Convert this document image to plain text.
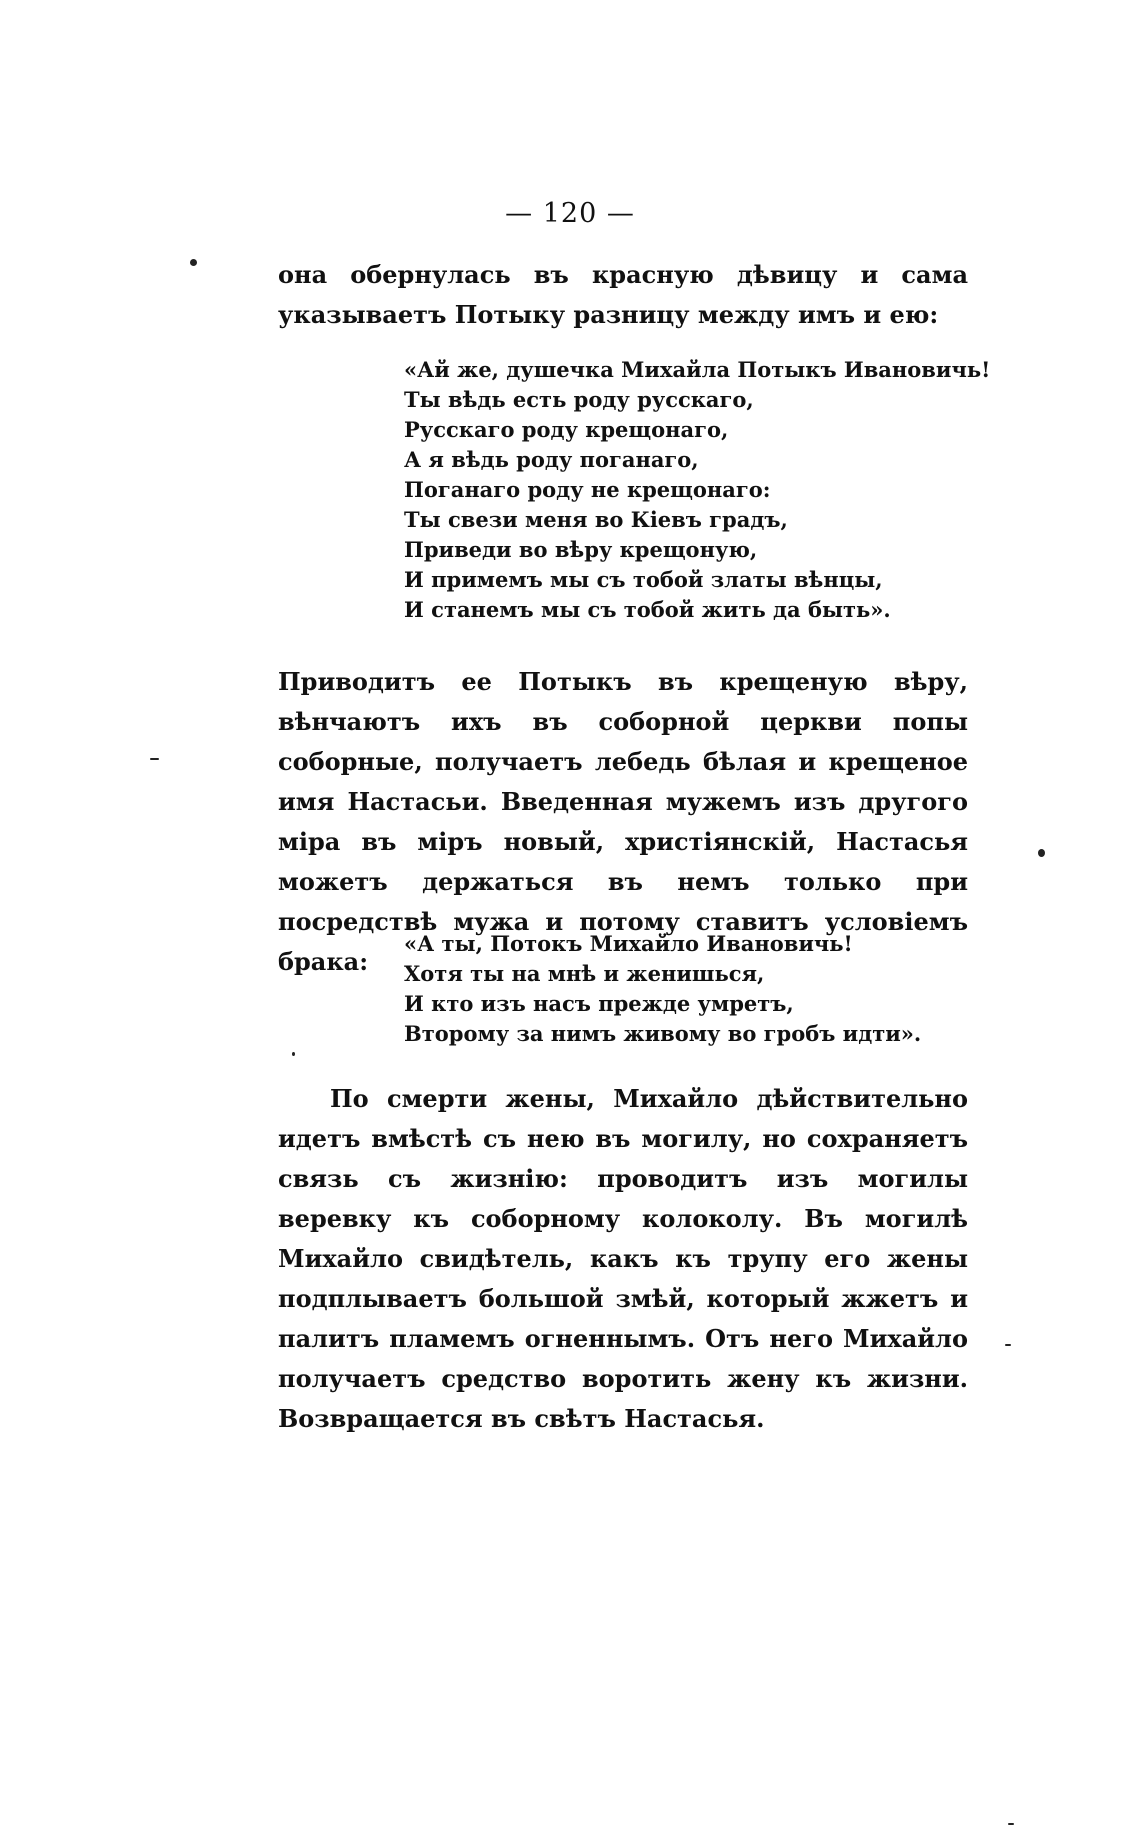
— 120 —

она обернулась въ красную дѣвицу и сама указываетъ Потыку разницу между имъ и ею:

«Ай же, душечка Михайла Потыкъ Ивановичь!
Ты вѣдь есть роду русскаго,
Русскаго роду крещонаго,
А я вѣдь роду поганаго,
Поганаго роду не крещонаго:
Ты свези меня во Кіевъ градъ,
Приведи во вѣру крещоную,
И примемъ мы съ тобой златы вѣнцы,
И станемъ мы съ тобой жить да быть».

Приводитъ ее Потыкъ въ крещеную вѣру, вѣнчаютъ ихъ въ соборной церкви попы соборные, получаетъ лебедь бѣлая и крещеное имя Настасьи. Введенная мужемъ изъ другого міра въ міръ новый, христіянскій, Настасья можетъ держаться въ немъ только при посредствѣ мужа и потому ставитъ условіемъ брака:

«А ты, Потокъ Михайло Ивановичь!
Хотя ты на мнѣ и женишься,
И кто изъ насъ прежде умретъ,
Второму за нимъ живому во гробъ идти».

По смерти жены, Михайло дѣйствительно идетъ вмѣстѣ съ нею въ могилу, но сохраняетъ связь съ жизнію: проводитъ изъ могилы веревку къ соборному колоколу. Въ могилѣ Михайло свидѣтель, какъ къ трупу его жены подплываетъ большой змѣй, который жжетъ и палитъ пламемъ огненнымъ. Отъ него Михайло получаетъ средство воротить жену къ жизни. Возвращается въ свѣтъ Настасья.
